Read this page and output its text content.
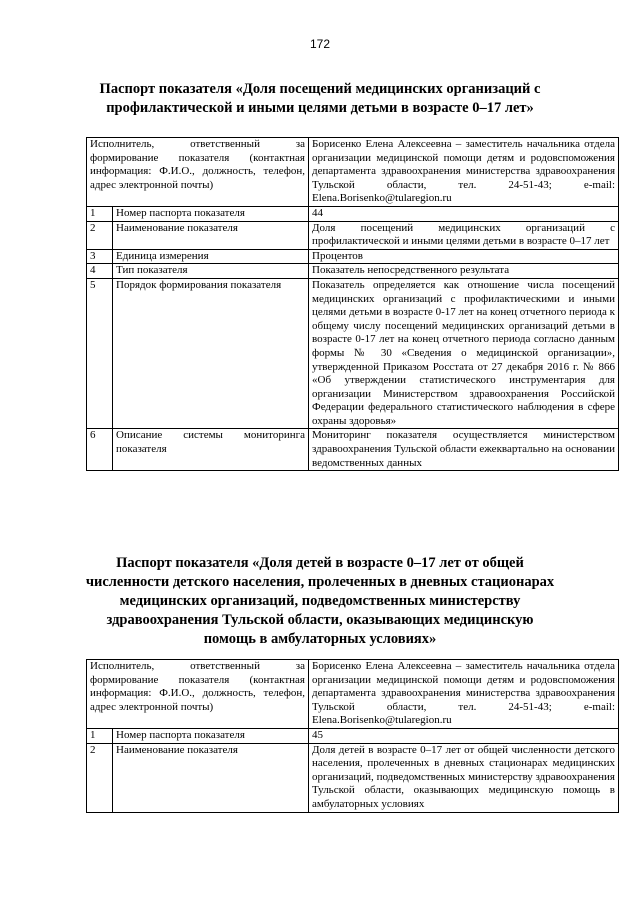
172

Паспорт показателя «Доля посещений медицинских организаций с профилактической и иными целями детьми в возрасте 0–17 лет»

Исполнитель, ответственный за формирование показателя (контактная информация: Ф.И.О., должность, телефон, адрес электронной почты)		Борисенко Елена Алексеевна – заместитель начальника отдела организации медицинской помощи детям и родовспоможения департамента здравоохранения министерства здравоохранения Тульской области, тел. 24-51-43; e-mail: Elena.Borisenko@tularegion.ru
1	Номер паспорта показателя	44
2	Наименование показателя	Доля посещений медицинских организаций с профилактической и иными целями детьми в возрасте 0–17 лет
3	Единица измерения	Процентов
4	Тип показателя	Показатель непосредственного результата
5	Порядок формирования показателя	Показатель определяется как отношение числа посещений медицинских организаций с профилактическими и иными целями детьми в возрасте 0-17 лет на конец отчетного периода к общему числу посещений медицинских организаций детьми в возрасте 0-17 лет на конец отчетного периода согласно данным формы № 30 «Сведения о медицинской организации», утвержденной Приказом Росстата от 27 декабря 2016 г. № 866 «Об утверждении статистического инструментария для организации Министерством здравоохранения Российской Федерации федерального статистического наблюдения в сфере охраны здоровья»
6	Описание системы мониторинга показателя	Мониторинг показателя осуществляется министерством здравоохранения Тульской области ежеквартально на основании ведомственных данных

Паспорт показателя «Доля детей в возрасте 0–17 лет от общей численности детского населения, пролеченных в дневных стационарах медицинских организаций, подведомственных министерству здравоохранения Тульской области, оказывающих медицинскую помощь в амбулаторных условиях»

Исполнитель, ответственный за формирование показателя (контактная информация: Ф.И.О., должность, телефон, адрес электронной почты)		Борисенко Елена Алексеевна – заместитель начальника отдела организации медицинской помощи детям и родовспоможения департамента здравоохранения министерства здравоохранения Тульской области, тел. 24-51-43; e-mail: Elena.Borisenko@tularegion.ru
1	Номер паспорта показателя	45
2	Наименование показателя	Доля детей в возрасте 0–17 лет от общей численности детского населения, пролеченных в дневных стационарах медицинских организаций, подведомственных министерству здравоохранения Тульской области, оказывающих медицинскую помощь в амбулаторных условиях
